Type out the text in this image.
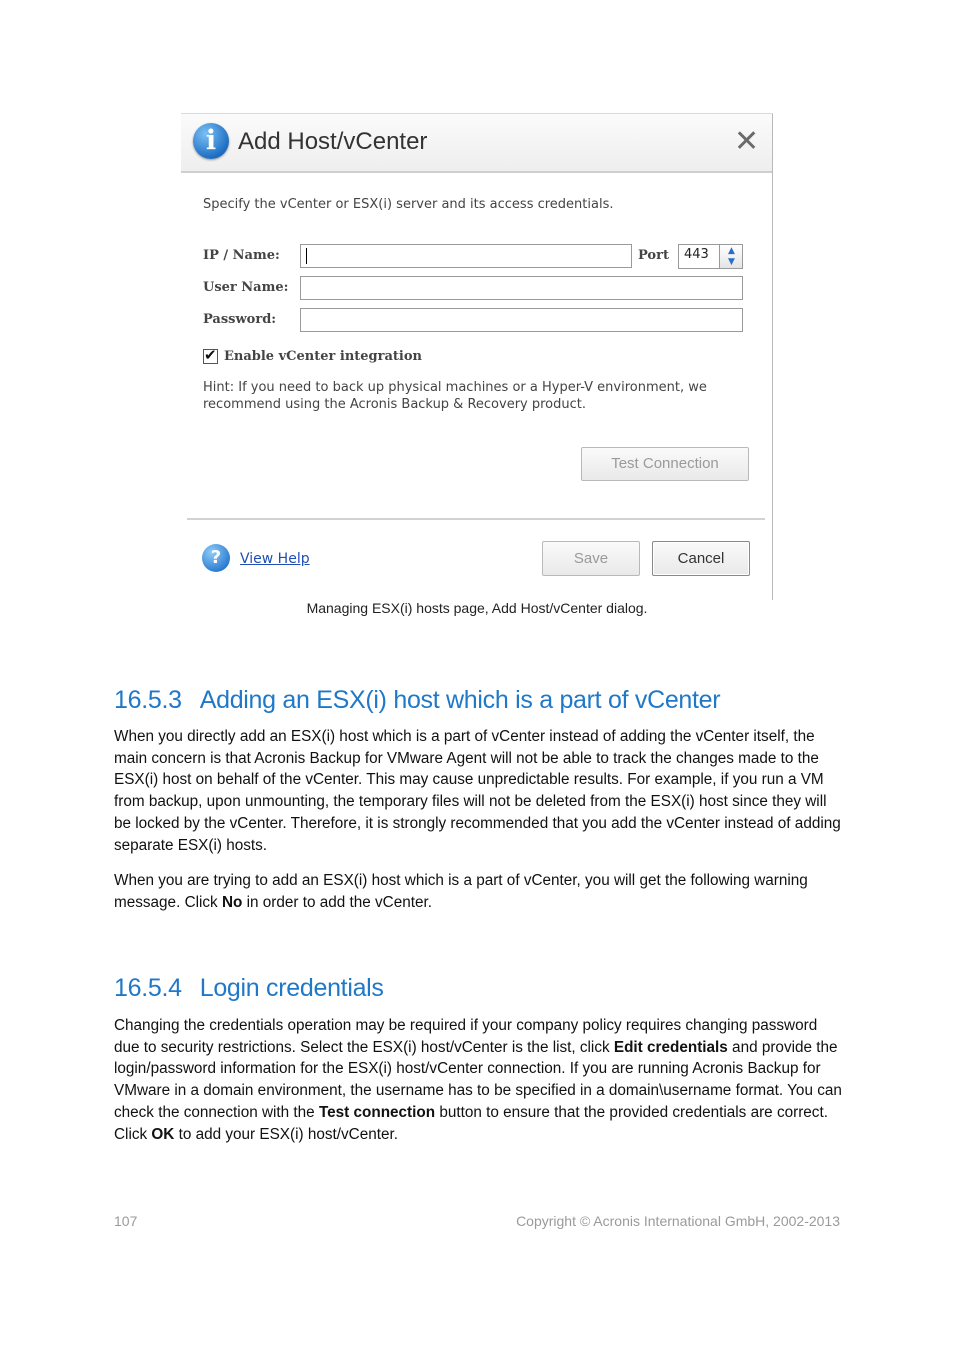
i Add Host/vCenter	✕
Specify the vCenter or ESX(i) server and its access credentials.
IP / Name:	Port	443	▲
▼
User Name:
Password:
✔ Enable vCenter integration
Hint: If you need to back up physical machines or a Hyper-V environment, we recommend using the Acronis Backup & Recovery product.
Test Connection
?	View Help	Save	Cancel
Managing ESX(i) hosts page, Add Host/vCenter dialog.
16.5.3 Adding an ESX(i) host which is a part of vCenter

When you directly add an ESX(i) host which is a part of vCenter instead of adding the vCenter itself, the main concern is that Acronis Backup for VMware Agent will not be able to track the changes made to the ESX(i) host on behalf of the vCenter. This may cause unpredictable results. For example, if you run a VM from backup, upon unmounting, the temporary files will not be deleted from the ESX(i) host since they will be locked by the vCenter. Therefore, it is strongly recommended that you add the vCenter instead of adding separate ESX(i) hosts.

When you are trying to add an ESX(i) host which is a part of vCenter, you will get the following warning message. Click No in order to add the vCenter.

16.5.4 Login credentials

Changing the credentials operation may be required if your company policy requires changing password due to security restrictions. Select the ESX(i) host/vCenter is the list, click Edit credentials and provide the login/password information for the ESX(i) host/vCenter connection. If you are running Acronis Backup for VMware in a domain environment, the username has to be specified in a domain\username format. You can check the connection with the Test connection button to ensure that the provided credentials are correct. Click OK to add your ESX(i) host/vCenter.

107	Copyright © Acronis International GmbH, 2002-2013
